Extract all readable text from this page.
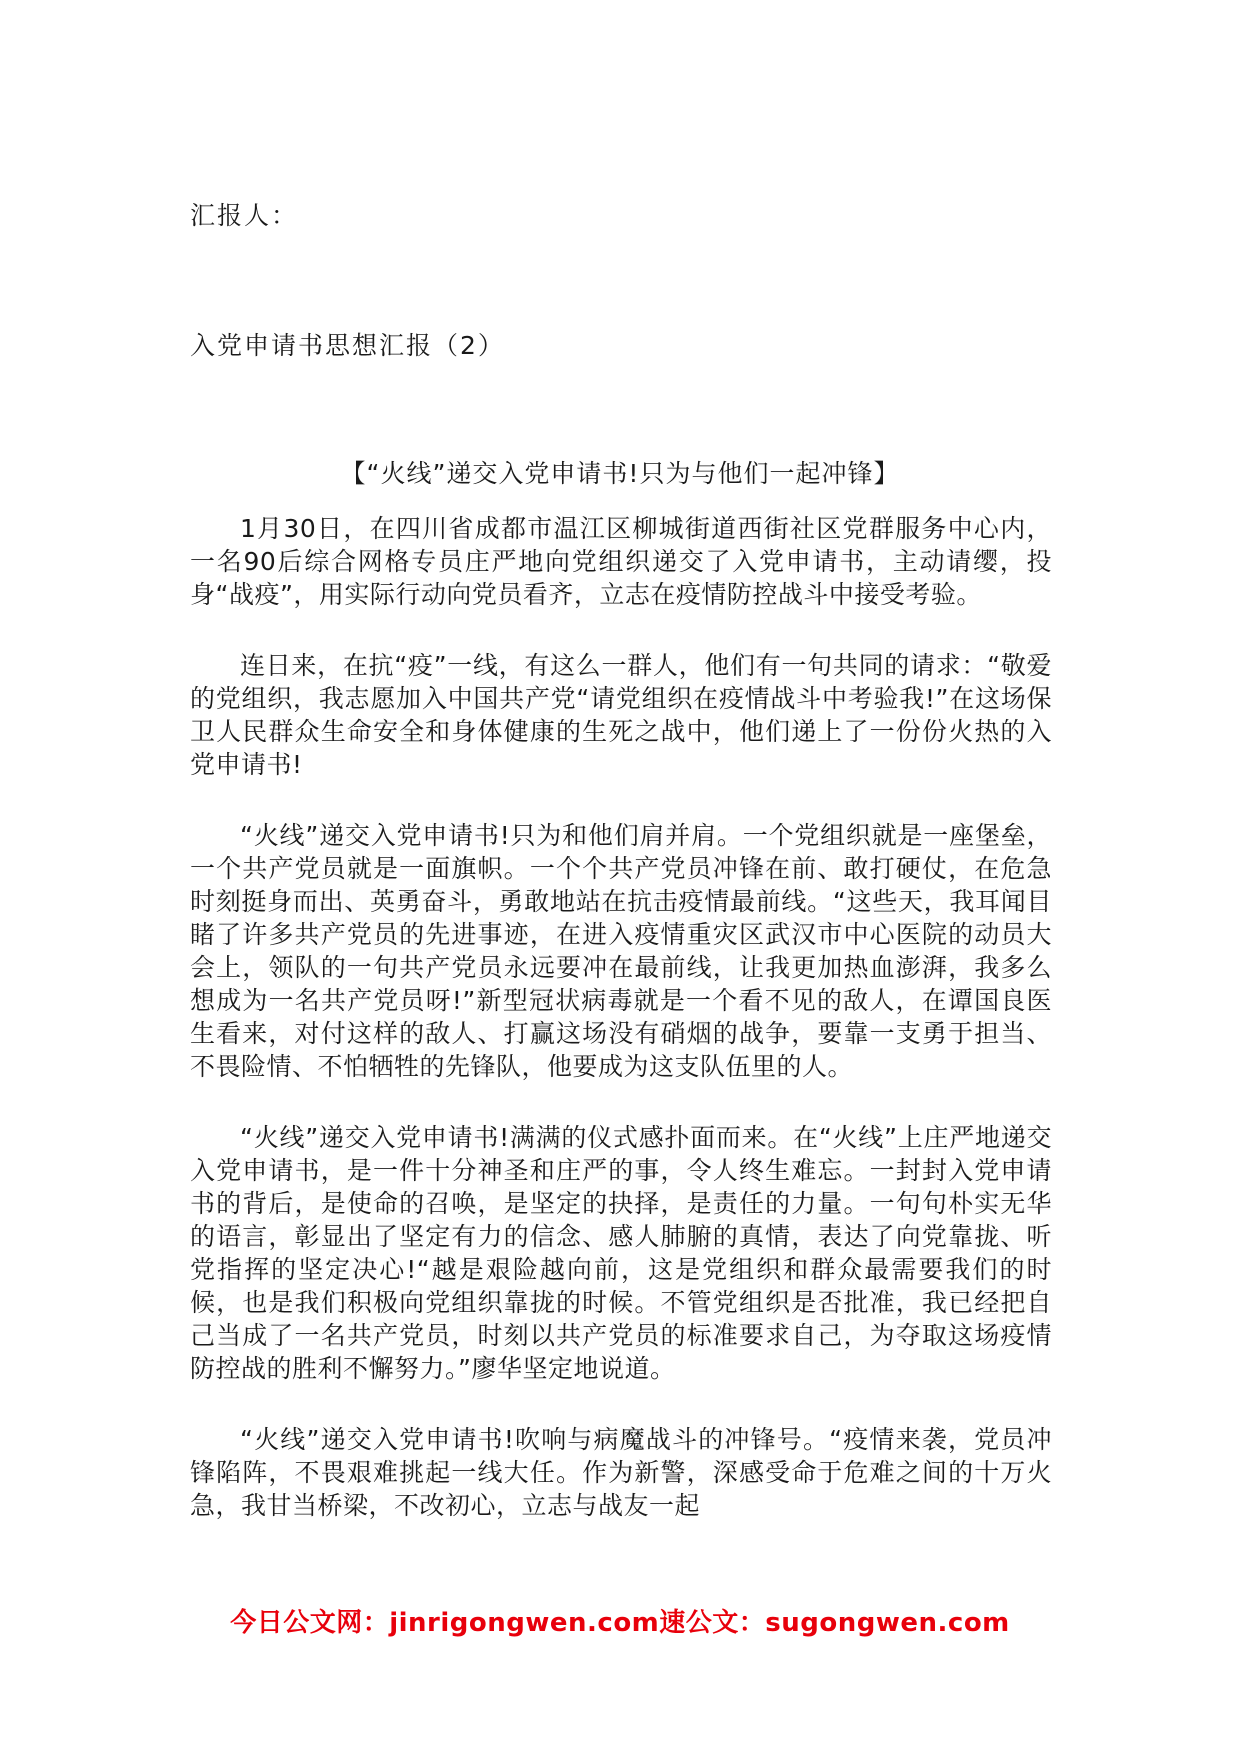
汇报人：
入党申请书思想汇报（2）
【“火线”递交入党申请书!只为与他们一起冲锋】

1月30日，在四川省成都市温江区柳城街道西街社区党群服务中心内，一名90后综合网格专员庄严地向党组织递交了入党申请书，主动请缨，投身“战疫”，用实际行动向党员看齐，立志在疫情防控战斗中接受考验。

连日来，在抗“疫”一线，有这么一群人，他们有一句共同的请求：“敬爱的党组织，我志愿加入中国共产党“请党组织在疫情战斗中考验我!”在这场保卫人民群众生命安全和身体健康的生死之战中，他们递上了一份份火热的入党申请书!

“火线”递交入党申请书!只为和他们肩并肩。一个党组织就是一座堡垒，一个共产党员就是一面旗帜。一个个共产党员冲锋在前、敢打硬仗，在危急时刻挺身而出、英勇奋斗，勇敢地站在抗击疫情最前线。“这些天，我耳闻目睹了许多共产党员的先进事迹，在进入疫情重灾区武汉市中心医院的动员大会上，领队的一句共产党员永远要冲在最前线，让我更加热血澎湃，我多么想成为一名共产党员呀!”新型冠状病毒就是一个看不见的敌人，在谭国良医生看来，对付这样的敌人、打赢这场没有硝烟的战争，要靠一支勇于担当、不畏险情、不怕牺牲的先锋队，他要成为这支队伍里的人。

“火线”递交入党申请书!满满的仪式感扑面而来。在“火线”上庄严地递交入党申请书，是一件十分神圣和庄严的事，令人终生难忘。一封封入党申请书的背后，是使命的召唤，是坚定的抉择，是责任的力量。一句句朴实无华的语言，彰显出了坚定有力的信念、感人肺腑的真情，表达了向党靠拢、听党指挥的坚定决心!“越是艰险越向前，这是党组织和群众最需要我们的时候，也是我们积极向党组织靠拢的时候。不管党组织是否批准，我已经把自己当成了一名共产党员，时刻以共产党员的标准要求自己，为夺取这场疫情防控战的胜利不懈努力。”廖华坚定地说道。

“火线”递交入党申请书!吹响与病魔战斗的冲锋号。“疫情来袭，党员冲锋陷阵，不畏艰难挑起一线大任。作为新警，深感受命于危难之间的十万火急，我甘当桥梁，不改初心，立志与战友一起

今日公文网：jinrigongwen.com速公文：sugongwen.com
